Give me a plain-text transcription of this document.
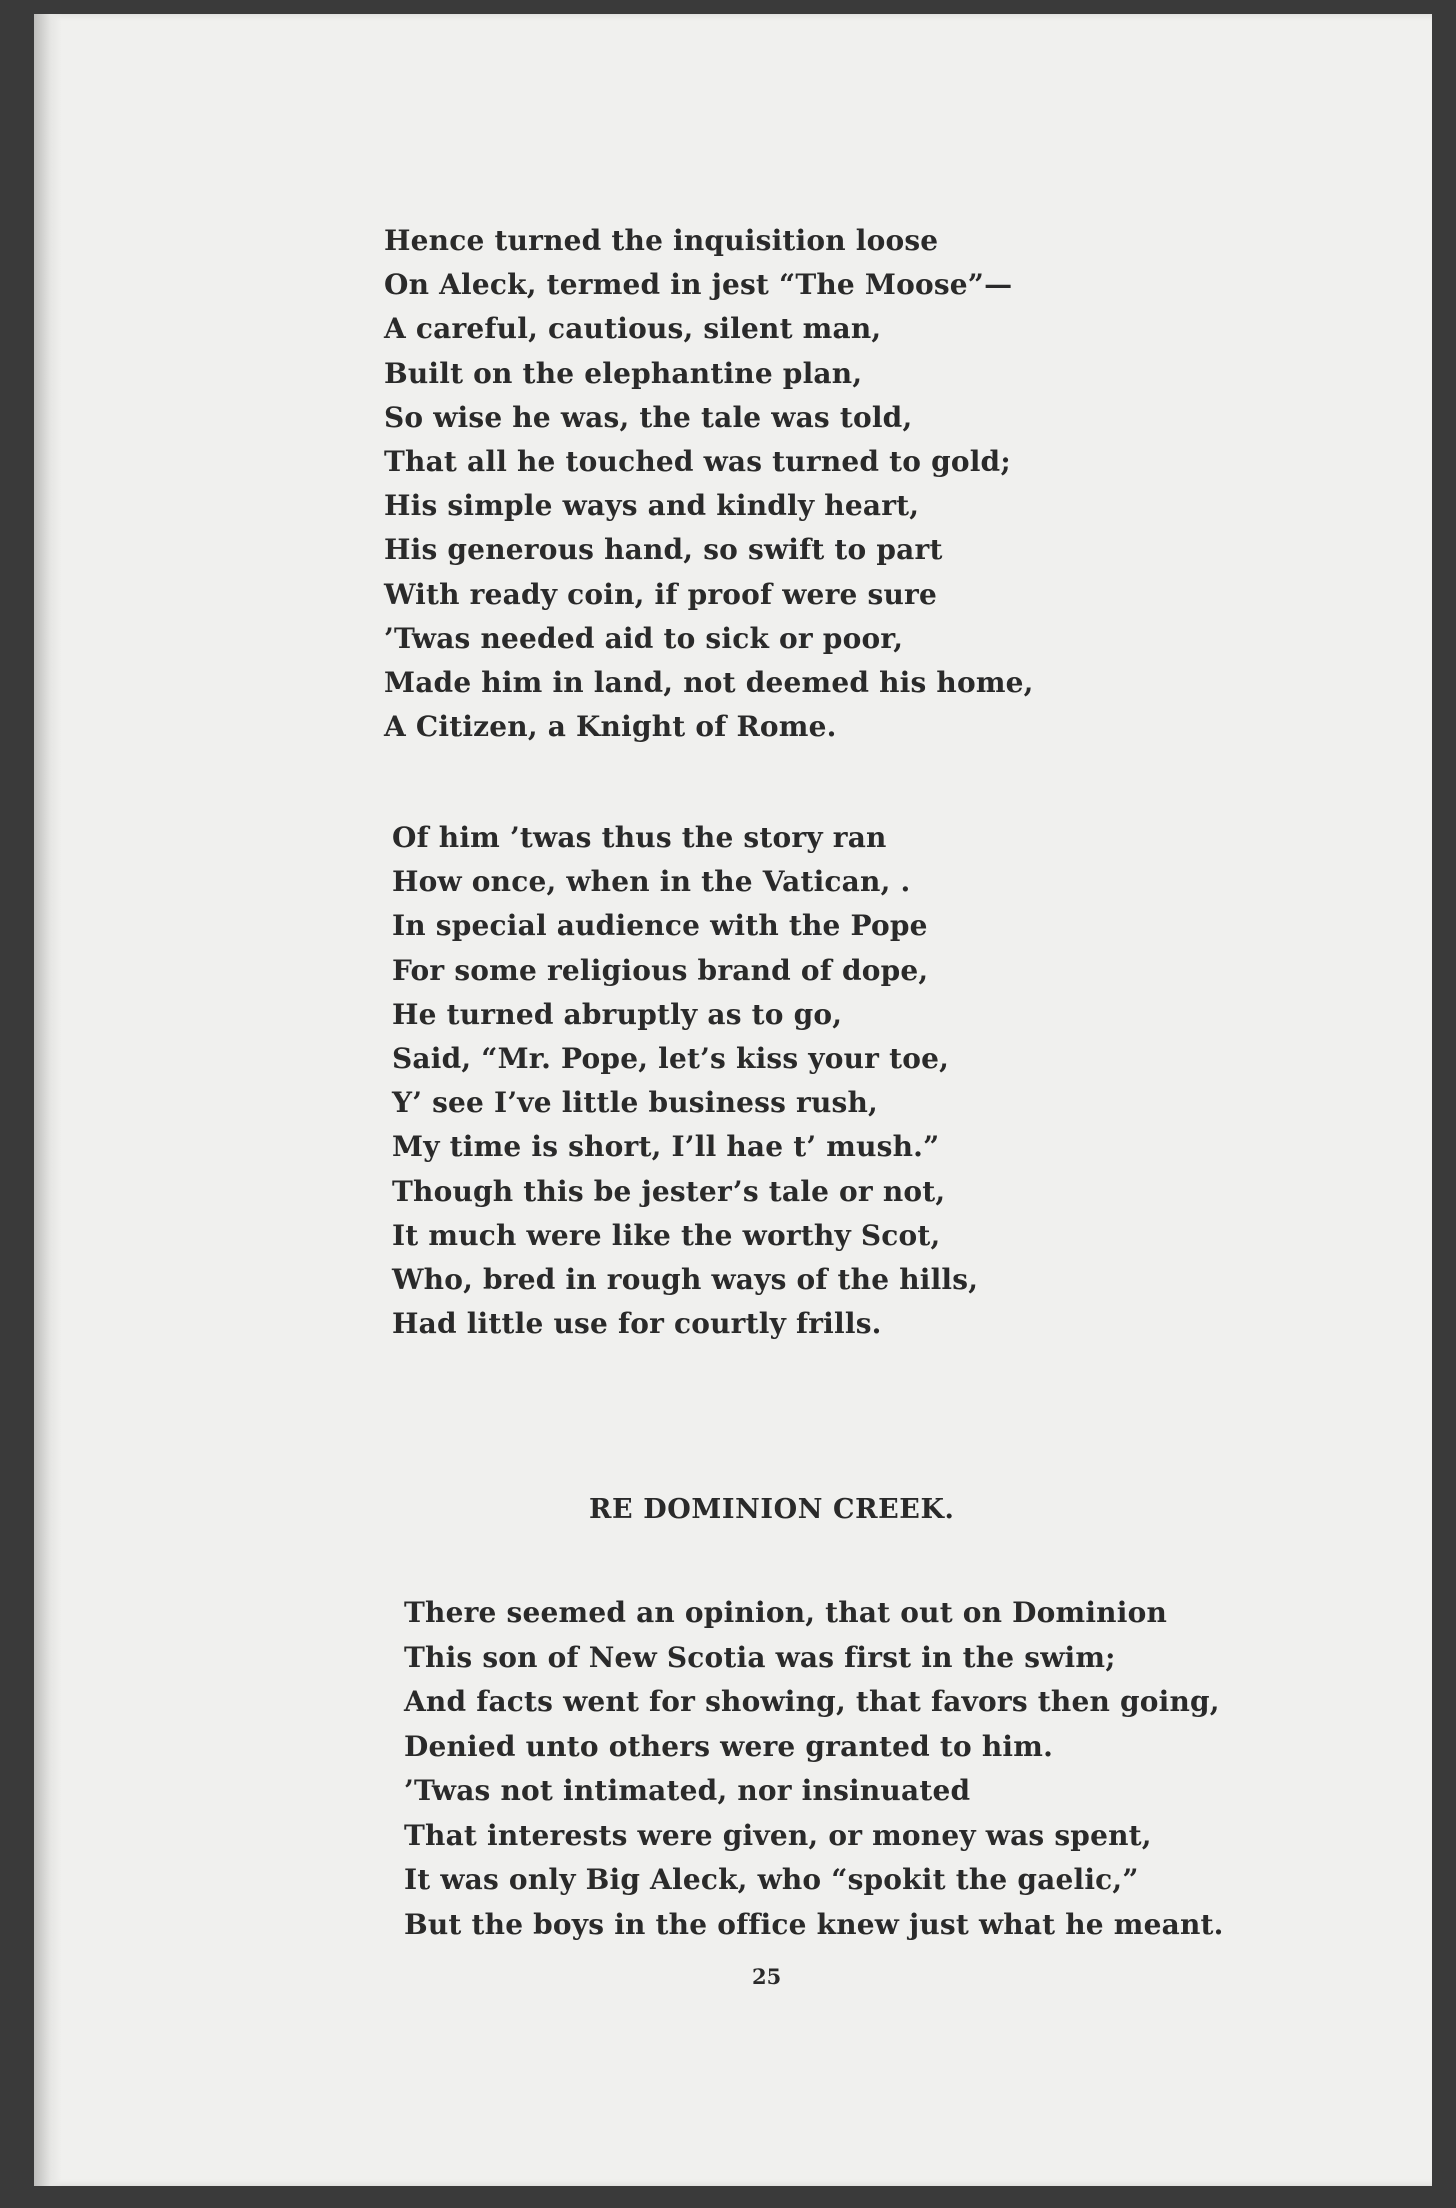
Hence turned the inquisition loose
On Aleck, termed in jest “The Moose”—
A careful, cautious, silent man,
Built on the elephantine plan,
So wise he was, the tale was told,
That all he touched was turned to gold;
His simple ways and kindly heart,
His generous hand, so swift to part
With ready coin, if proof were sure
’Twas needed aid to sick or poor,
Made him in land, not deemed his home,
A Citizen, a Knight of Rome.
Of him ’twas thus the story ran
How once, when in the Vatican, .
In special audience with the Pope
For some religious brand of dope,
He turned abruptly as to go,
Said, “Mr. Pope, let’s kiss your toe,
Y’ see I’ve little business rush,
My time is short, I’ll hae t’ mush.”
Though this be jester’s tale or not,
It much were like the worthy Scot,
Who, bred in rough ways of the hills,
Had little use for courtly frills.
RE DOMINION CREEK.
There seemed an opinion, that out on Dominion
This son of New Scotia was first in the swim;
And facts went for showing, that favors then going,
Denied unto others were granted to him.
’Twas not intimated, nor insinuated
That interests were given, or money was spent,
It was only Big Aleck, who “spokit the gaelic,”
But the boys in the office knew just what he meant.
25
